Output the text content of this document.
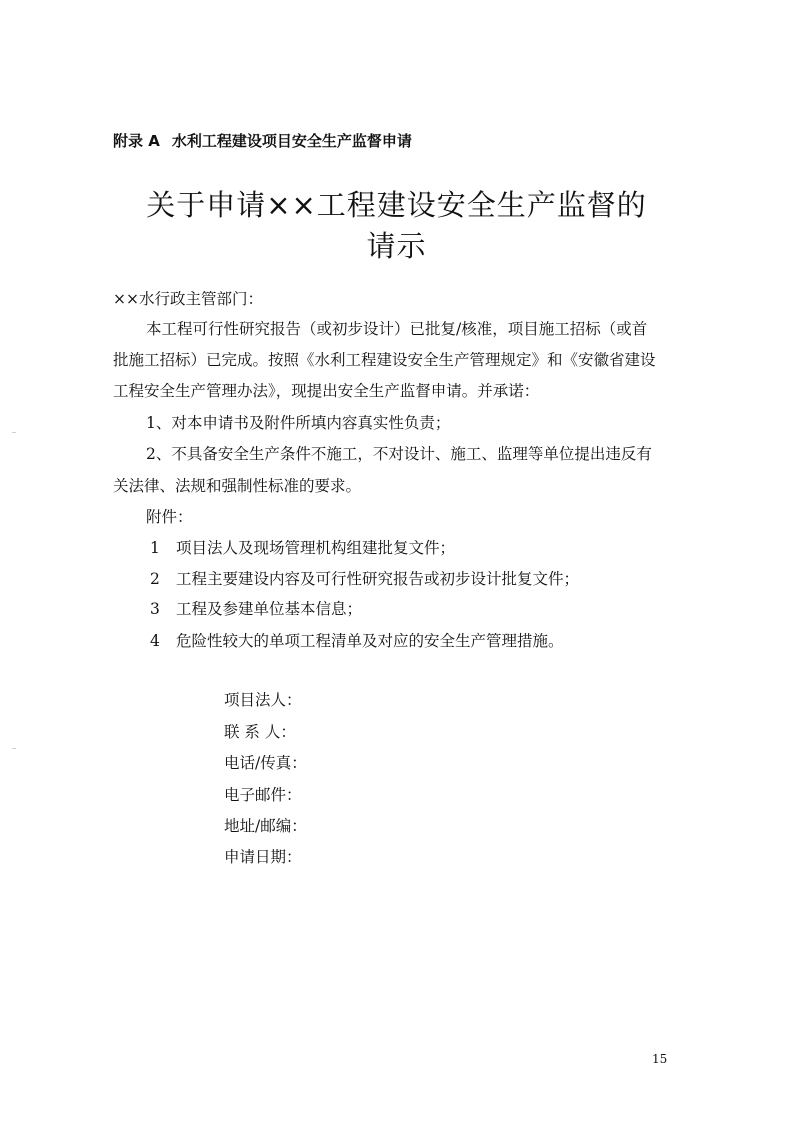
附录 A 水利工程建设项目安全生产监督申请
关于申请××工程建设安全生产监督的
请示
××水行政主管部门：
本工程可行性研究报告（或初步设计）已批复/核准，项目施工招标（或首
批施工招标）已完成。按照《水利工程建设安全生产管理规定》和《安徽省建设
工程安全生产管理办法》，现提出安全生产监督申请。并承诺：
1、对本申请书及附件所填内容真实性负责；
2、不具备安全生产条件不施工，不对设计、施工、监理等单位提出违反有
关法律、法规和强制性标准的要求。
附件：
1 项目法人及现场管理机构组建批复文件；
2 工程主要建设内容及可行性研究报告或初步设计批复文件；
3 工程及参建单位基本信息；
4 危险性较大的单项工程清单及对应的安全生产管理措施。
项目法人：
联 系 人：
电话/传真：
电子邮件：
地址/邮编：
申请日期：
15
